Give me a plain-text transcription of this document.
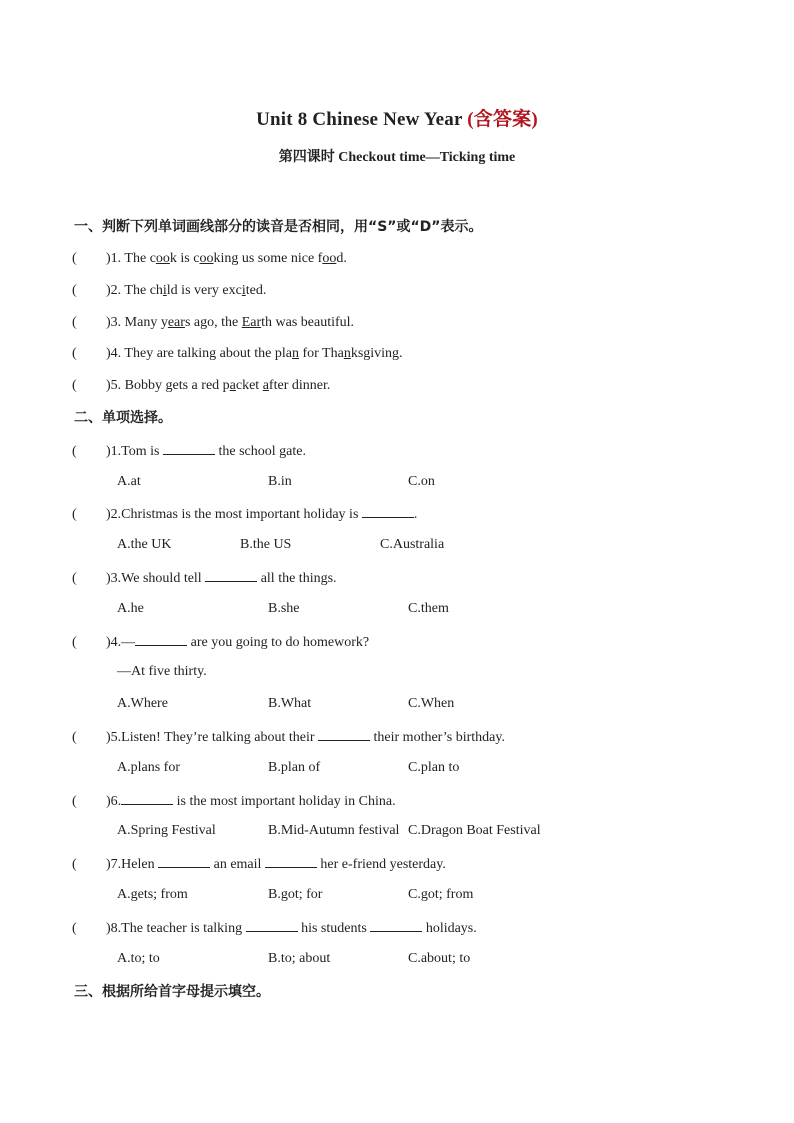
Unit 8 Chinese New Year (含答案)
第四课时 Checkout time—Ticking time
一、判断下列单词画线部分的读音是否相同，用“S”或“D”表示。
( )1. The cook is cooking us some nice food.
( )2. The child is very excited.
( )3. Many years ago, the Earth was beautiful.
( )4. They are talking about the plan for Thanksgiving.
( )5. Bobby gets a red packet after dinner.
二、单项选择。
( )1.Tom is	the school gate.
A.at	B.in	C.on
( )2.Christmas is the most important holiday is	.
A.the UK	B.the US	C.Australia
( )3.We should tell	all the things.
A.he	B.she	C.them
( )4.—	are you going to do homework?
—At five thirty.
A.Where	B.What	C.When
( )5.Listen! They’re talking about their	their mother’s birthday.
A.plans for	B.plan of	C.plan to
( )6.	is the most important holiday in China.
A.Spring Festival	B.Mid-Autumn festival C.Dragon Boat Festival
( )7.Helen	an email	her e-friend yesterday.
A.gets; from	B.got; for	C.got; from
( )8.The teacher is talking	his students	holidays.
A.to; to	B.to; about	C.about; to
三、根据所给首字母提示填空。
